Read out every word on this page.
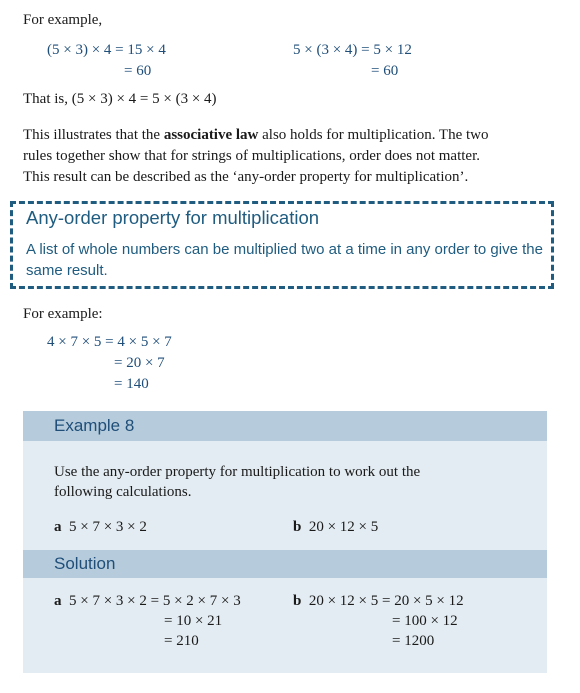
For example,
(5 × 3) × 4 = 15 × 4
= 60
5 × (3 × 4) = 5 × 12
= 60
That is, (5 × 3) × 4 = 5 × (3 × 4)
This illustrates that the associative law also holds for multiplication. The two
rules together show that for strings of multiplications, order does not matter.
This result can be described as the ‘any-order property for multiplication’.
Any-order property for multiplication
A list of whole numbers can be multiplied two at a time in any order to give the same result.
For example:
4 × 7 × 5 = 4 × 5 × 7
= 20 × 7
= 140
Example 8
Use the any-order property for multiplication to work out the
following calculations.
a 5 × 7 × 3 × 2	b 20 × 12 × 5
Solution
a 5 × 7 × 3 × 2 = 5 × 2 × 7 × 3
= 10 × 21
= 210
b 20 × 12 × 5 = 20 × 5 × 12
= 100 × 12
= 1200
